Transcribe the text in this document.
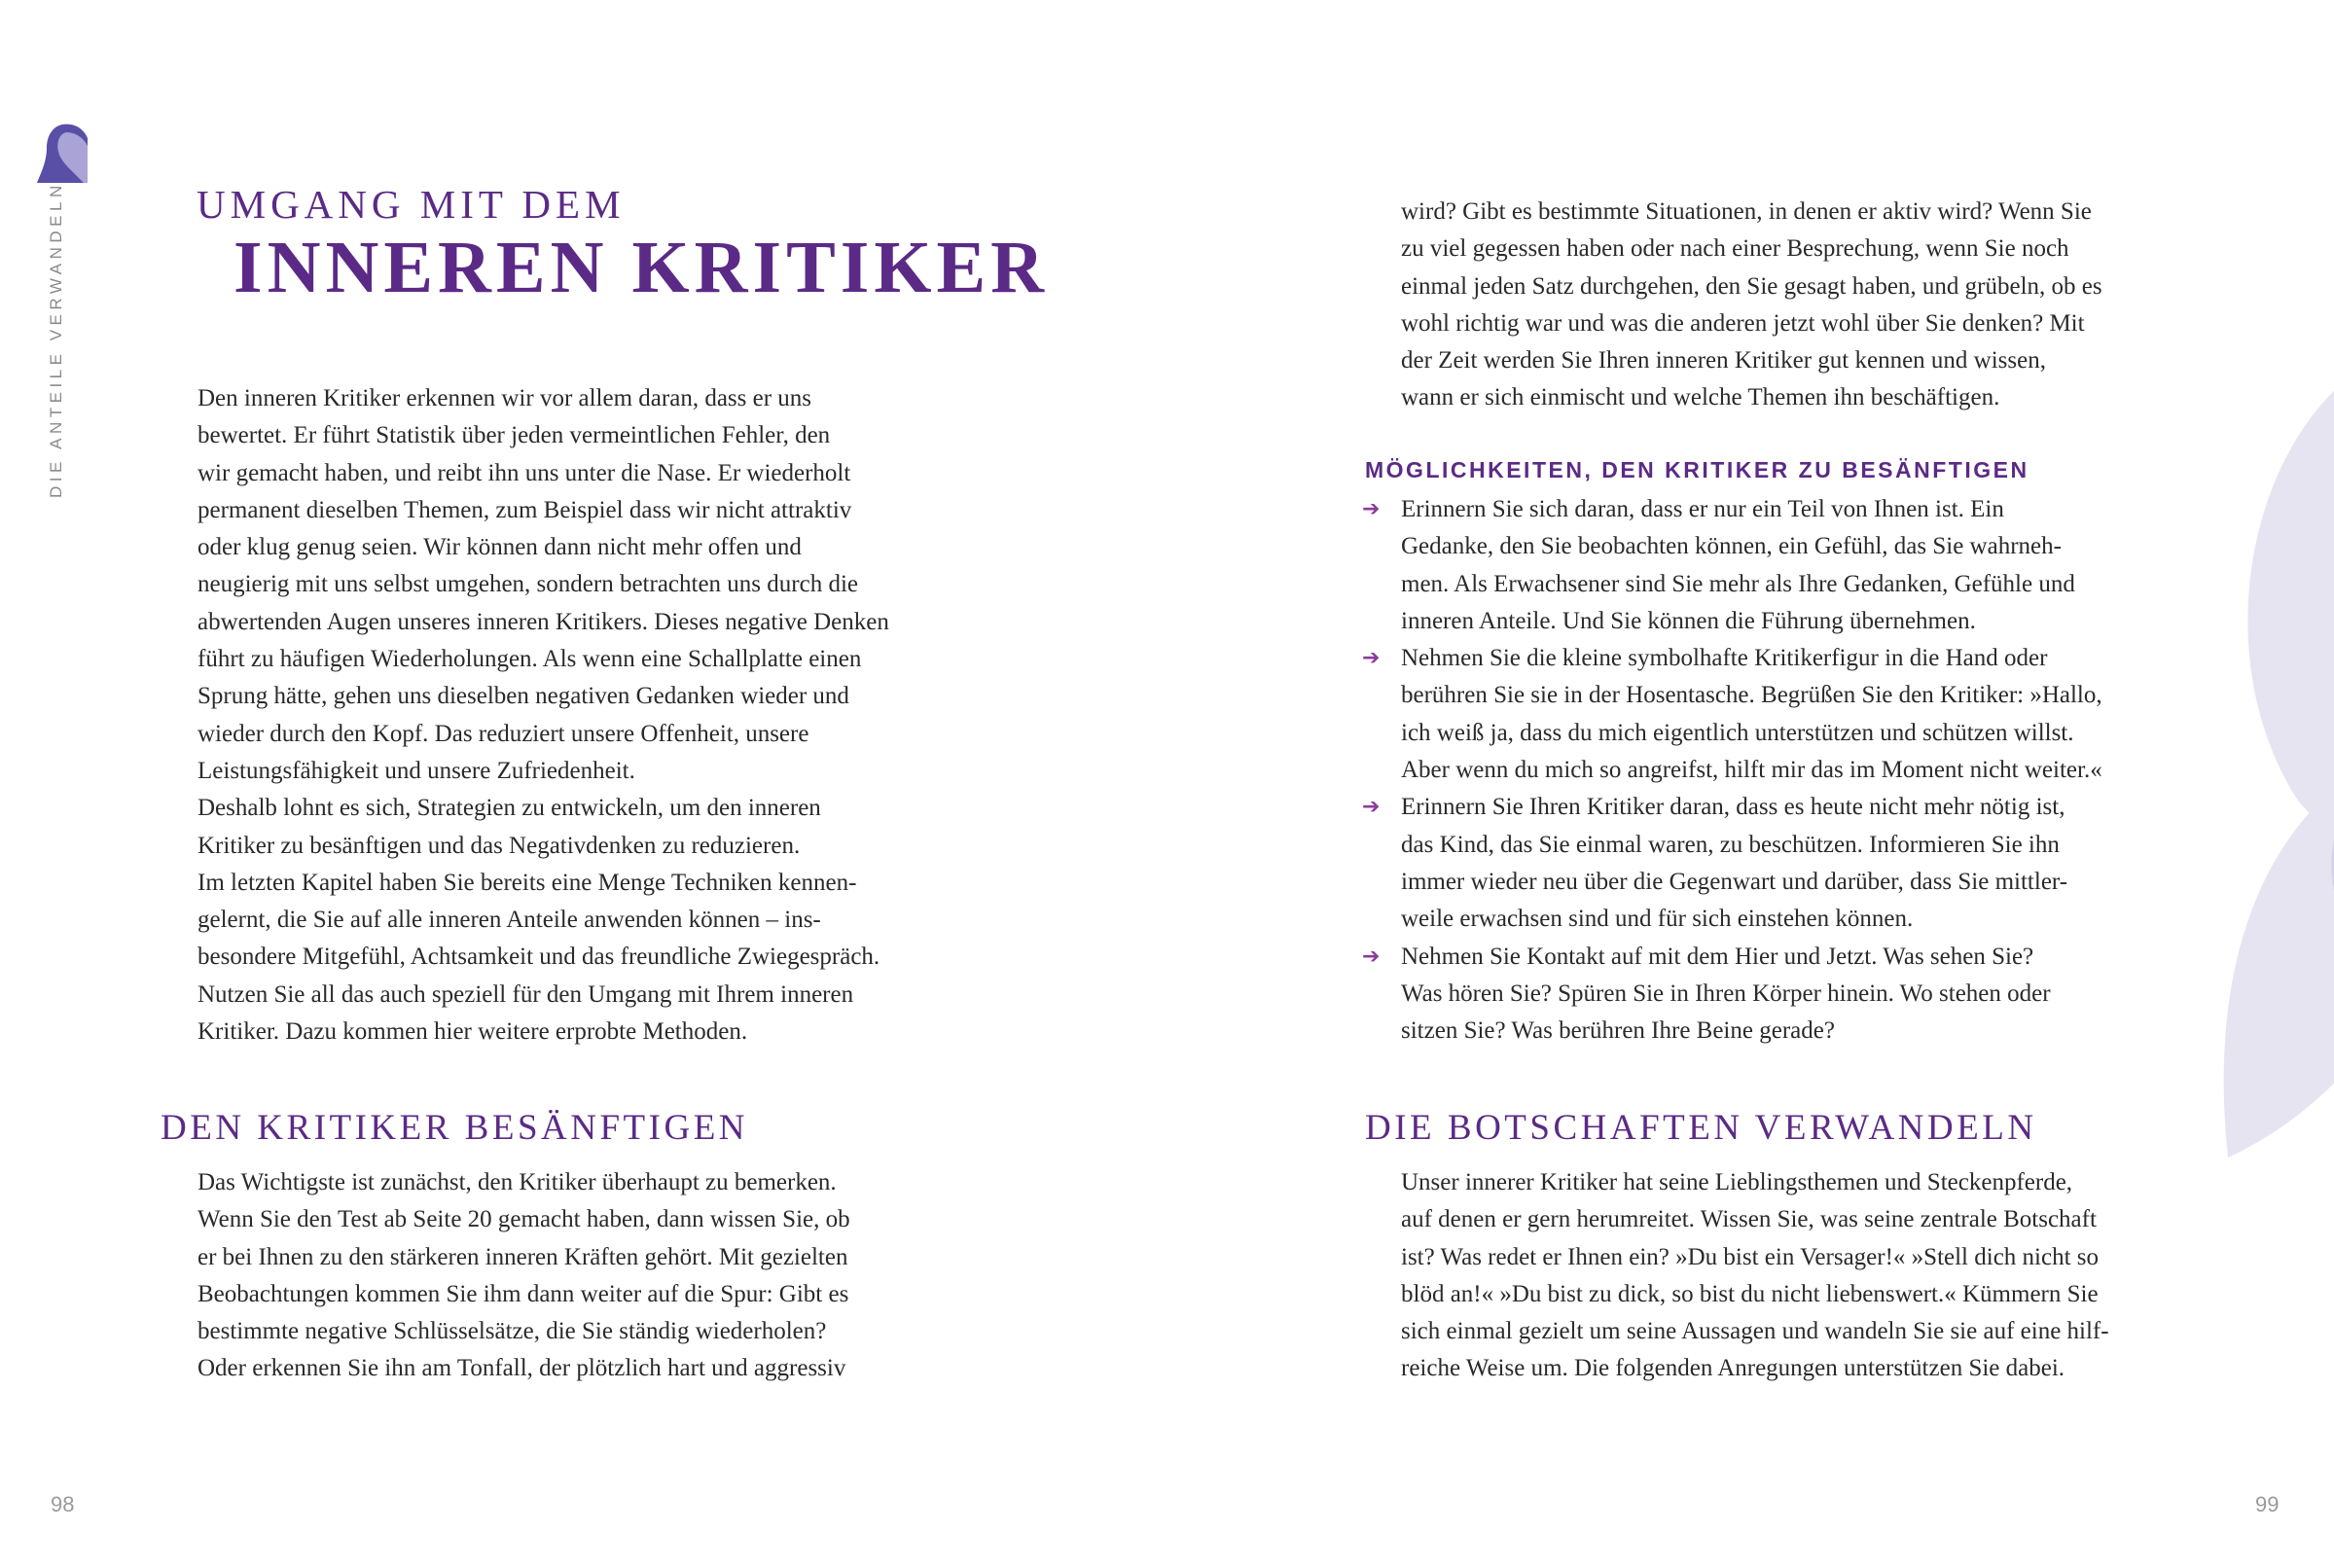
DIE ANTEILE VERWANDELN	UMGANG MIT DEM
INNEREN KRITIKER
Den inneren Kritiker erkennen wir vor allem daran, dass er uns
bewertet. Er führt Statistik über jeden vermeintlichen Fehler, den
wir gemacht haben, und reibt ihn uns unter die Nase. Er wiederholt
permanent dieselben Themen, zum Beispiel dass wir nicht attraktiv
oder klug genug seien. Wir können dann nicht mehr offen und
neugierig mit uns selbst umgehen, sondern betrachten uns durch die
abwertenden Augen unseres inneren Kritikers. Dieses negative Denken
führt zu häufigen Wiederholungen. Als wenn eine Schallplatte einen
Sprung hätte, gehen uns dieselben negativen Gedanken wieder und
wieder durch den Kopf. Das reduziert unsere Offenheit, unsere
Leistungsfähigkeit und unsere Zufriedenheit.
Deshalb lohnt es sich, Strategien zu entwickeln, um den inneren
Kritiker zu besänftigen und das Negativdenken zu reduzieren.
Im letzten Kapitel haben Sie bereits eine Menge Techniken kennen-
gelernt, die Sie auf alle inneren Anteile anwenden können – ins-
besondere Mitgefühl, Achtsamkeit und das freundliche Zwiegespräch.
Nutzen Sie all das auch speziell für den Umgang mit Ihrem inneren
Kritiker. Dazu kommen hier weitere erprobte Methoden.
DEN KRITIKER BESÄNFTIGEN
Das Wichtigste ist zunächst, den Kritiker überhaupt zu bemerken.
Wenn Sie den Test ab Seite 20 gemacht haben, dann wissen Sie, ob
er bei Ihnen zu den stärkeren inneren Kräften gehört. Mit gezielten
Beobachtungen kommen Sie ihm dann weiter auf die Spur: Gibt es
bestimmte negative Schlüsselsätze, die Sie ständig wiederholen?
Oder erkennen Sie ihn am Tonfall, der plötzlich hart und aggressiv
98
wird? Gibt es bestimmte Situationen, in denen er aktiv wird? Wenn Sie
zu viel gegessen haben oder nach einer Besprechung, wenn Sie noch
einmal jeden Satz durchgehen, den Sie gesagt haben, und grübeln, ob es
wohl richtig war und was die anderen jetzt wohl über Sie denken? Mit
der Zeit werden Sie Ihren inneren Kritiker gut kennen und wissen,
wann er sich einmischt und welche Themen ihn beschäftigen.
MÖGLICHKEITEN, DEN KRITIKER ZU BESÄNFTIGEN
➔ Erinnern Sie sich daran, dass er nur ein Teil von Ihnen ist. Ein
Gedanke, den Sie beobachten können, ein Gefühl, das Sie wahrneh-
men. Als Erwachsener sind Sie mehr als Ihre Gedanken, Gefühle und
inneren Anteile. Und Sie können die Führung übernehmen.
➔ Nehmen Sie die kleine symbolhafte Kritikerfigur in die Hand oder
berühren Sie sie in der Hosentasche. Begrüßen Sie den Kritiker: »Hallo,
ich weiß ja, dass du mich eigentlich unterstützen und schützen willst.
Aber wenn du mich so angreifst, hilft mir das im Moment nicht weiter.«
➔ Erinnern Sie Ihren Kritiker daran, dass es heute nicht mehr nötig ist,
das Kind, das Sie einmal waren, zu beschützen. Informieren Sie ihn
immer wieder neu über die Gegenwart und darüber, dass Sie mittler-
weile erwachsen sind und für sich einstehen können.
➔ Nehmen Sie Kontakt auf mit dem Hier und Jetzt. Was sehen Sie?
Was hören Sie? Spüren Sie in Ihren Körper hinein. Wo stehen oder
sitzen Sie? Was berühren Ihre Beine gerade?
DIE BOTSCHAFTEN VERWANDELN
Unser innerer Kritiker hat seine Lieblingsthemen und Steckenpferde,
auf denen er gern herumreitet. Wissen Sie, was seine zentrale Botschaft
ist? Was redet er Ihnen ein? »Du bist ein Versager!« »Stell dich nicht so
blöd an!« »Du bist zu dick, so bist du nicht liebenswert.« Kümmern Sie
sich einmal gezielt um seine Aussagen und wandeln Sie sie auf eine hilf-
reiche Weise um. Die folgenden Anregungen unterstützen Sie dabei.
99
